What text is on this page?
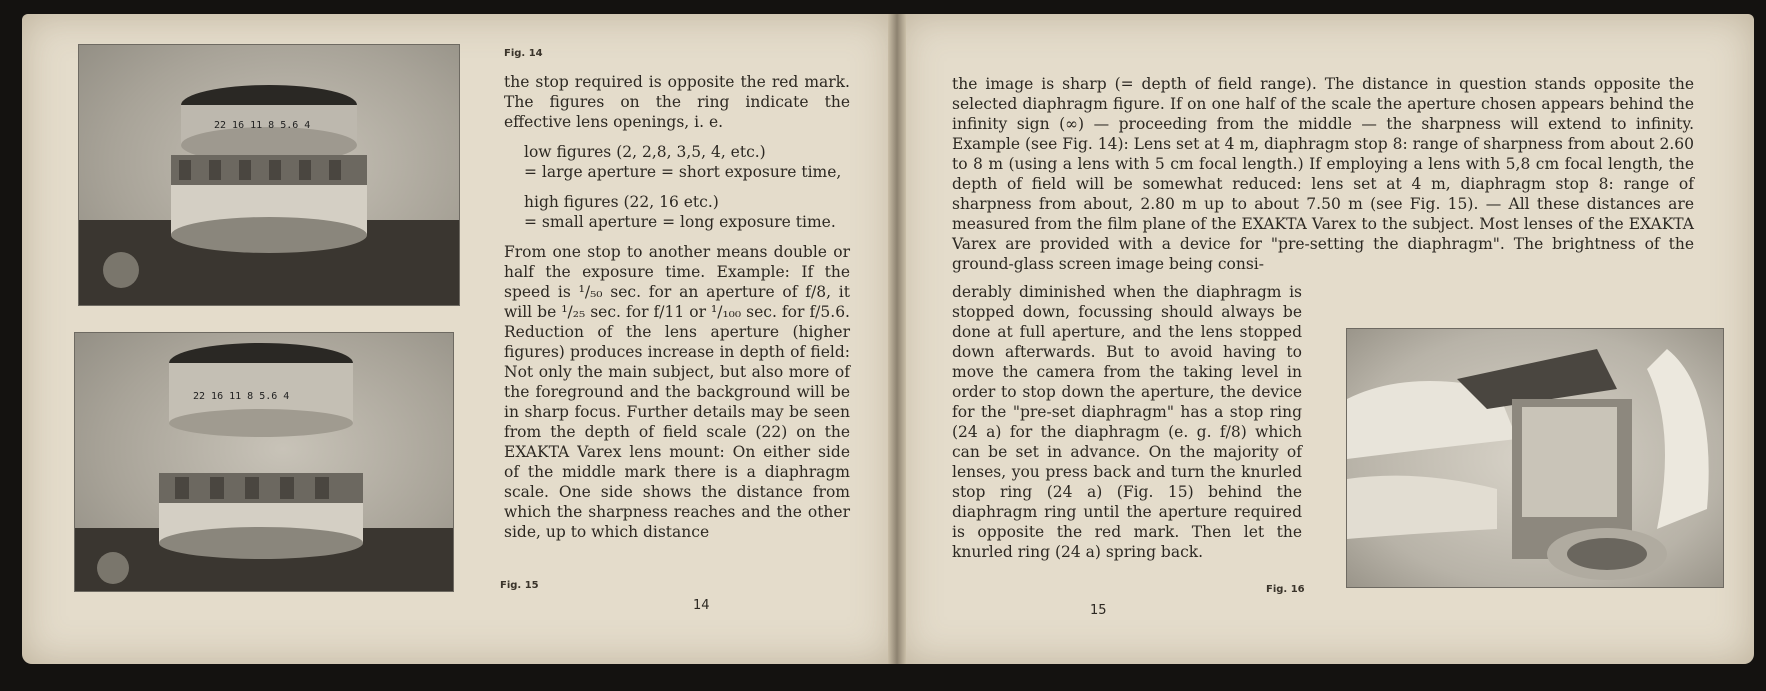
22 16 11 8 5.6 4
22 16 11 8 5.6 4
Fig. 14
Fig. 15

the stop required is opposite the red mark. The figures on the ring indicate the effective lens openings, i. e.

low figures (2, 2,8, 3,5, 4, etc.)

= large aperture = short exposure time,

high figures (22, 16 etc.)

= small aperture = long exposure time.

From one stop to another means double or half the exposure time. Example: If the speed is ¹/₅₀ sec. for an aperture of f/8, it will be ¹/₂₅ sec. for f/11 or ¹/₁₀₀ sec. for f/5.6. Reduction of the lens aperture (higher figures) produces increase in depth of field: Not only the main subject, but also more of the foreground and the background will be in sharp focus. Further details may be seen from the depth of field scale (22) on the EXAKTA Varex lens mount: On either side of the middle mark there is a diaphragm scale. One side shows the distance from which the sharpness reaches and the other side, up to which distance

14
the image is sharp (= depth of field range). The distance in question stands opposite the selected diaphragm figure. If on one half of the scale the aperture chosen appears behind the infinity sign (∞) — proceeding from the middle — the sharpness will extend to infinity. Example (see Fig. 14): Lens set at 4 m, diaphragm stop 8: range of sharpness from about 2.60 to 8 m (using a lens with 5 cm focal length.) If employing a lens with 5,8 cm focal length, the depth of field will be somewhat reduced: lens set at 4 m, diaphragm stop 8: range of sharpness from about, 2.80 m up to about 7.50 m (see Fig. 15). — All these distances are measured from the film plane of the EXAKTA Varex to the subject. Most lenses of the EXAKTA Varex are provided with a device for "pre-setting the diaphragm". The brightness of the ground-glass screen image being consi-
derably diminished when the diaphragm is stopped down, focussing should always be done at full aperture, and the lens stopped down afterwards. But to avoid having to move the camera from the taking level in order to stop down the aperture, the device for the "pre-set diaphragm" has a stop ring (24 a) for the diaphragm (e. g. f/8) which can be set in advance. On the majority of lenses, you press back and turn the knurled stop ring (24 a) (Fig. 15) behind the diaphragm ring until the aperture required is opposite the red mark. Then let the knurled ring (24 a) spring back.
Fig. 16
15
